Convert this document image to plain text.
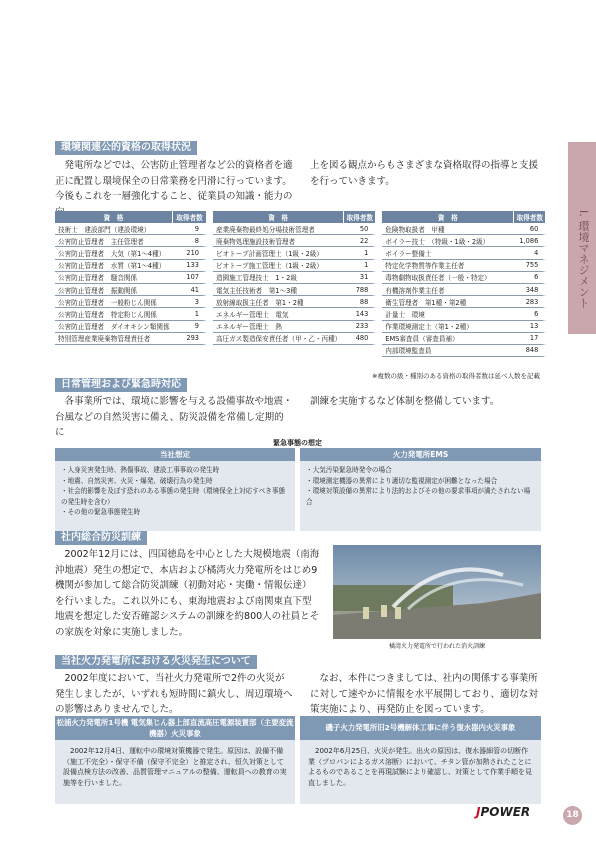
I. 環境マネジメント
環境関連公的資格の取得状況
発電所などでは、公害防止管理者など公的資格者を適正に配置し環境保全の日常業務を円滑に行っています。今後もこれを一層強化すること、従業員の知識・能力の
上を図る観点からもさまざまな資格取得の指導と支援を行っていきます。
資　格	取得者数		資　格	取得者数		資　格	取得者数
技術士　建設部門（建設環境）	9		産業廃棄物最終処分場技術管理者	50		危険物取扱者　甲種	60
公害防止管理者　主任管理者	8		廃棄物処理施設技術管理者	22		ボイラー技士　（特級・1級・2級）	1,086
公害防止管理者　大気（第1〜4種）	210		ビオトープ計画管理士（1級・2級）	1		ボイラー整備士	4
公害防止管理者　水質（第1〜4種）	133		ビオトープ施工管理士（1級・2級）	1		特定化学物質等作業主任者	755
公害防止管理者　騒音関係	107		造園施工管理技士　1・2級	31		毒物劇物取扱責任者（一般・特定）	6
公害防止管理者　振動関係	41		電気主任技術者　第1〜3種	788		有機溶剤作業主任者	348
公害防止管理者　一般粉じん関係	3		放射線取扱主任者　第1・2種	88		衛生管理者　第1種・第2種	283
公害防止管理者　特定粉じん関係	1		エネルギー管理士　電気	143		計量士　環境	6
公害防止管理者　ダイオキシン類関係	9		エネルギー管理士　熱	233		作業環境測定士（第1・2種）	13
特別管理産業廃棄物管理責任者	293		高圧ガス製造保安責任者（甲・乙・丙種）	480		EMS審査員（審査員補）	17
						内部環境監査員	848
※複数の級・種別のある資格の取得者数は延べ人数を記載
日常管理および緊急時対応
各事業所では、環境に影響を与える設備事故や地震・台風などの自然災害に備え、防災設備を常備し定期的に
訓練を実施するなど体制を整備しています。
緊急事態の想定
当社想定	火力発電所EMS
・人身災害発生時、熱傷事故、建設工事事故の発生時
・地震、自然災害、火災・爆発、破壊行為の発生時
・社会的影響を及ぼす恐れのある事態の発生時（環境保全上対応すべき事態の発生時を含む）
・その他の緊急事態発生時
・大気汚染緊急時発令の場合
・環境測定機器の異常により適切な監視測定が困難となった場合
・環境対策設備の異常により法的およびその他の要求事項が満たされない場合
社内総合防災訓練
2002年12月には、四国徳島を中心とした大規模地震（南海沖地震）発生の想定で、本店および橘湾火力発電所をはじめ9機関が参加して総合防災訓練（初動対応・実働・情報伝達）を行いました。これ以外にも、東海地震および南関東直下型地震を想定した安否確認システムの訓練を約800人の社員とその家族を対象に実施しました。
橘湾火力発電所で行われた消火訓練
当社火力発電所における火災発生について
2002年度において、当社火力発電所で2件の火災が発生しましたが、いずれも短時間に鎮火し、周辺環境への影響はありませんでした。
なお、本件につきましては、社内の関係する事業所に対して速やかに情報を水平展開しており、適切な対策実施により、再発防止を図っています。
松浦火力発電所1号機 電気集じん器上部直流高圧電源装置部（主要変流機器）火災事象
磯子火力発電所旧2号機解体工事に伴う復水器内火災事象
2002年12月4日、運転中の環境対策機器で発生。原因は、設備不備（施工不完全）・保守不備（保守不完全）と推定され、恒久対策として設備点検方法の改善、品質管理マニュアルの整備、運転員への教育の実施等を行いました。
2002年6月25日、火災が発生。出火の原因は、復水器細管の切断作業（プロパンによるガス溶断）において、チタン管が加熱されたことによるものであることを再現試験により確認し、対策として作業手順を見直しました。
JPOWER	18
